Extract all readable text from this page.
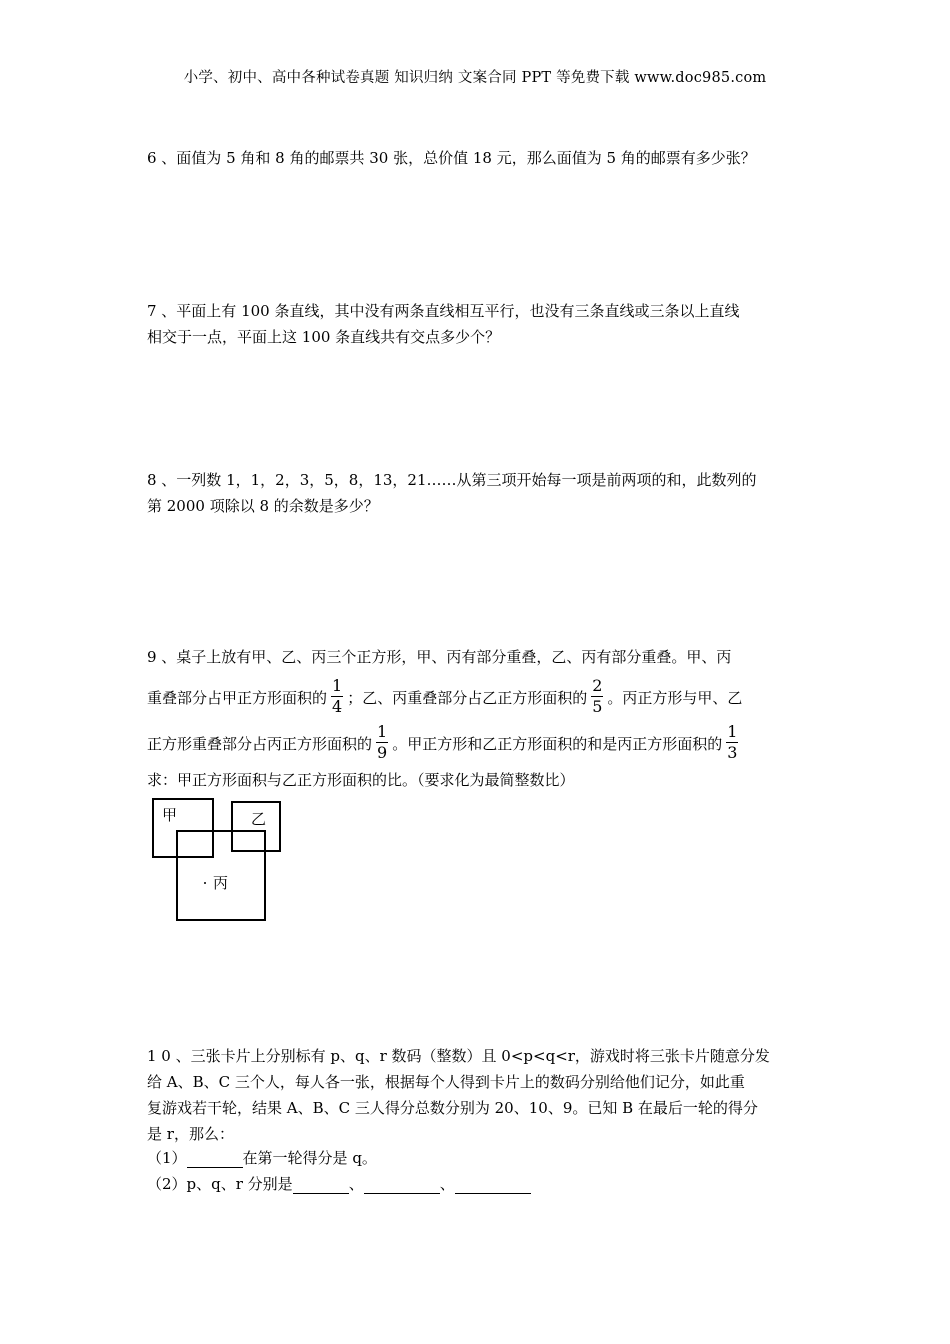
小学、初中、高中各种试卷真题 知识归纳 文案合同 PPT 等免费下载 www.doc985.com
6 、面值为 5 角和 8 角的邮票共 30 张，总价值 18 元，那么面值为 5 角的邮票有多少张？
7 、平面上有 100 条直线，其中没有两条直线相互平行，也没有三条直线或三条以上直线
相交于一点，平面上这 100 条直线共有交点多少个？
8 、一列数 1，1，2，3，5，8，13，21……从第三项开始每一项是前两项的和，此数列的
第 2000 项除以 8 的余数是多少？
9 、桌子上放有甲、乙、丙三个正方形，甲、丙有部分重叠，乙、丙有部分重叠。甲、丙
重叠部分占甲正方形面积的 $\frac{1}{4}$ ；乙、丙重叠部分占乙正方形面积的 $\frac{2}{5}$ 。丙正方形与甲、乙
正方形重叠部分占丙正方形面积的 $\frac{1}{9}$ 。甲正方形和乙正方形面积的和是丙正方形面积的 $\frac{1}{3}$
求：甲正方形面积与乙正方形面积的比。（要求化为最简整数比）
甲	乙
丙
1 0 、三张卡片上分别标有 p、q、r 数码（整数）且 0<p<q<r，游戏时将三张卡片随意分发
给 A、B、C 三个人，每人各一张，根据每个人得到卡片上的数码分别给他们记分，如此重
复游戏若干轮，结果 A、B、C 三人得分总数分别为 20、10、9。已知 B 在最后一轮的得分
是 r，那么：
（1）	在第一轮得分是 q。
（2）p、q、r 分别是	、	、
